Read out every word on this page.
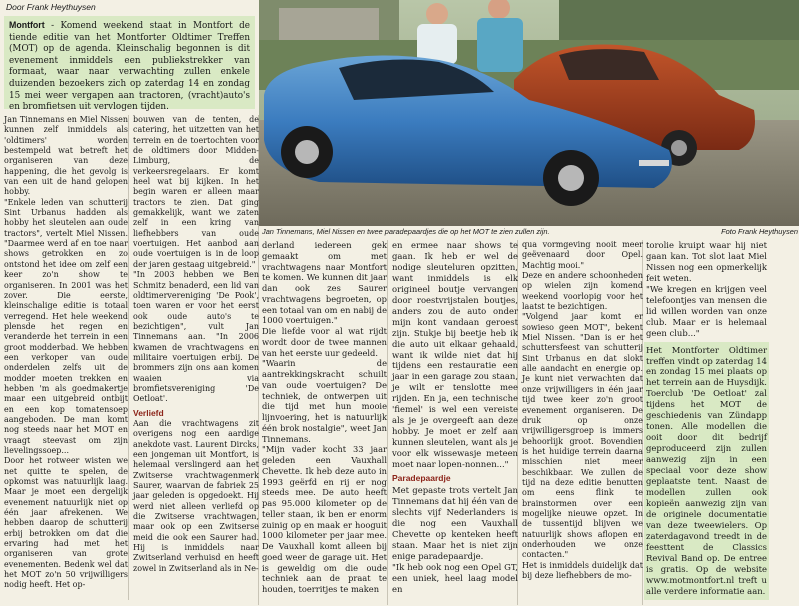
Door Frank Heythuysen
Montfort - Komend weekend staat in Montfort de tiende editie van het Montforter Oldtimer Treffen (MOT) op de agenda. Kleinschalig begonnen is dit evenement inmiddels een publiekstrekker van formaat, waar naar verwachting zullen enkele duizenden bezoekers zich op zaterdag 14 en zondag 15 mei weer vergapen aan tractoren, (vracht)auto's en bromfietsen uit vervlogen tijden.
Jan Tinnemans, Miel Nissen en twee paradepaardjes die op het MOT te zien zullen zijn.	Foto Frank Heythuysen

Jan Tinnemans en Miel Nissen kunnen zelf inmiddels als 'oldtimers' worden bestempeld wat betreft het organiseren van deze happening, die het gevolg is van een uit de hand gelopen hobby.

"Enkele leden van schutterij Sint Urbanus hadden als hobby het sleutelen aan oude tractors", vertelt Miel Nissen. "Daarmee werd af en toe naar shows getrokken en zo ontstond het idee om zelf een keer zo'n show te organiseren. In 2001 was het zover. Die eerste, kleinschalige editie is totaal verregend. Het hele weekend plensde het regen en veranderde het terrein in een groot modderbad. We hebben een verkoper van oude onderdelen zelfs uit de modder moeten trekken en hebben 'm als goedmakertje maar een uitgebreid ontbijt en een kop tomatensoep aangeboden. De man komt nog steeds naar het MOT en vraagt steevast om zijn lievelingssoep...

Door het rotweer wisten we net quitte te spelen, de opkomst was natuurlijk laag. Maar je moet een dergelijk evenement natuurlijk niet op één jaar afrekenen. We hebben daarop de schutterij erbij betrokken om dat die ervaring had met het organiseren van grote evenementen. Bedenk wel dat het MOT zo'n 50 vrijwilligers nodig heeft. Het op-

bouwen van de tenten, de catering, het uitzetten van het terrein en de toertochten voor de oldtimers door Midden-Limburg, de verkeersregelaars. Er komt heel wat bij kijken. In het begin waren er alleen maar tractors te zien. Dat ging gemakkelijk, want we zaten zelf in een kring van liefhebbers van oude voertuigen. Het aanbod aan oude voertuigen is in de loop der jaren gestaag uitgebreid."

"In 2003 hebben we Ben Schmitz benaderd, een lid van oldtimervereniging 'De Pook', toen waren er voor het eerst ook oude auto's te bezichtigen", vult Jan Tinnemans aan. "In 2006 kwamen de vrachtwagens en militaire voertuigen erbij. De brommers zijn ons aan komen waaien via bromfietsvereniging 'De Oetloat'.

Verliefd

Aan die vrachtwagens zit overigens nog een aardige anekdote vast. Laurent Dircks, een jongeman uit Montfort, is helemaal verslingerd aan het Zwitserse vrachtwagenmerk Saurer, waarvan de fabriek 25 jaar geleden is opgedoekt. Hij werd niet alleen verliefd op die Zwitserse vrachtwagen, maar ook op een Zwitserse meid die ook een Saurer had. Hij is inmiddels naar Zwitserland verhuisd en heeft zowel in Zwitserland als in Ne-

derland iedereen gek gemaakt om met vrachtwagens naar Montfort te komen. We kunnen dit jaar dan ook zes Saurer vrachtwagens begroeten, op een totaal van om en nabij de 1000 voertuigen."

Die liefde voor al wat rijdt wordt door de twee mannen van het eerste uur gedeeld.

"Waarin de aantrekkingskracht schuilt van oude voertuigen? De techniek, de ontwerpen uit die tijd met hun mooie lijnvoering, het is natuurlijk één brok nostalgie", weet Jan Tinnemans.

"Mijn vader kocht 33 jaar geleden een Vauxhall Chevette. Ik heb deze auto in 1993 geërfd en rij er nog steeds mee. De auto heeft pas 95.000 kilometer op de teller staan, ik ben er enorm zuinig op en maak er hooguit 1000 kilometer per jaar mee. De Vauxhall komt alleen bij goed weer de garage uit. Het is geweldig om die oude techniek aan de praat te houden, toerritjes te maken

en ermee naar shows te gaan. Ik heb er wel de nodige sleuteluren opzitten, want inmiddels is elk origineel boutje vervangen door roestvrijstalen boutjes, anders zou de auto onder mijn kont vandaan geroest zijn. Stukje bij beetje heb ik die auto uit elkaar gehaald, want ik wilde niet dat hij tijdens een restauratie een jaar in een garage zou staan, je wilt er tenslotte mee rijden. En ja, een technische 'fiemel' is wel een vereiste als je je overgeeft aan deze hobby. Je moet er zelf aan kunnen sleutelen, want als je voor elk wissewasje meteen moet naar lopen-nonnen..."

Paradepaardje

Met gepaste trots vertelt Jan Tinnemans dat hij één van de slechts vijf Nederlanders is die nog een Vauxhall Chevette op kenteken heeft staan. Maar het is niet zijn enige paradepaardje.

"Ik heb ook nog een Opel GT, een uniek, heel laag model en

qua vormgeving nooit meer geëvenaard door Opel. Machtig mooi."

Deze en andere schoonheden op wielen zijn komend weekend voorlopig voor het laatst te bezichtigen.

"Volgend jaar komt er sowieso geen MOT", bekent Miel Nissen. "Dan is er het schuttersfeest van schutterij Sint Urbanus en dat slokt alle aandacht en energie op. Je kunt niet verwachten dat onze vrijwilligers in één jaar tijd twee keer zo'n groot evenement organiseren. De druk op onze vrijwilligersgroep is immers behoorlijk groot. Bovendien is het huidige terrein daarna misschien niet meer beschikbaar. We zullen de tijd na deze editie benutten om eens flink te brainstormen over een mogelijke nieuwe opzet. In de tussentijd blijven we natuurlijk shows aflopen en onderhouden we onze contacten."

Het is inmiddels duidelijk dat bij deze liefhebbers de mo-

torolie kruipt waar hij niet gaan kan. Tot slot laat Miel Nissen nog een opmerkelijk feit weten.

"We kregen en krijgen veel telefoontjes van mensen die lid willen worden van onze club. Maar er is helemaal geen club..."

Het Montforter Oldtimer treffen vindt op zaterdag 14 en zondag 15 mei plaats op het terrein aan de Huysdijk. Toerclub 'De Oetloat' zal tijdens het MOT de geschiedenis van Zündapp tonen. Alle modellen die ooit door dit bedrijf geproduceerd zijn zullen aanwezig zijn in een speciaal voor deze show geplaatste tent. Naast de modellen zullen ook kopieën aanwezig zijn van de originele documentatie van deze tweewielers. Op zaterdagavond treedt in de feesttent de Classics Revival Band op. De entree is gratis. Op de website www.motmontfort.nl treft u alle verdere informatie aan.
